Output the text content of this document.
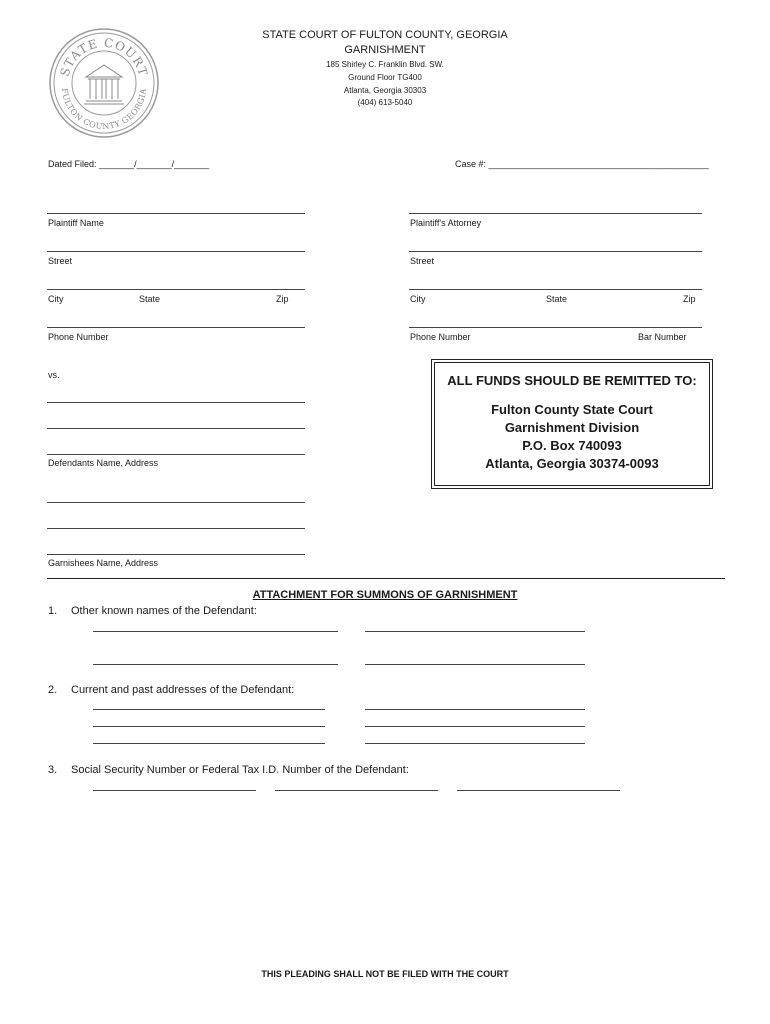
STATE COURT
FULTON COUNTY GEORGIA
STATE COURT OF FULTON COUNTY, GEORGIA
GARNISHMENT
185 Shirley C. Franklin Blvd. SW.
Ground Floor TG400
Atlanta, Georgia 30303
(404) 613-5040
Dated Filed: _______/_______/_______	Case #: ____________________________________________
Plaintiff Name
Street
City	State	Zip
Phone Number
Plaintiff's Attorney
Street
City	State	Zip
Phone Number	Bar Number
vs.
Defendants Name, Address
Garnishees Name, Address
ALL FUNDS SHOULD BE REMITTED TO:
Fulton County State Court
Garnishment Division
P.O. Box 740093
Atlanta, Georgia 30374-0093
ATTACHMENT FOR SUMMONS OF GARNISHMENT
1. Other known names of the Defendant:
2. Current and past addresses of the Defendant:
3. Social Security Number or Federal Tax I.D. Number of the Defendant:
THIS PLEADING SHALL NOT BE FILED WITH THE COURT
